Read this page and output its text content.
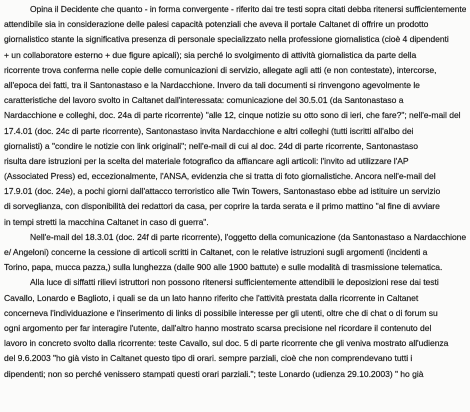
Opina il Decidente che quanto - in forma convergente - riferito dai tre testi sopra citati debba ritenersi sufficientemente
attendibile sia in considerazione delle palesi capacità potenziali che aveva il portale Caltanet di offrire un prodotto
giornalistico stante la significativa presenza di personale specializzato nella professione giornalistica (cioè 4 dipendenti
+ un collaboratore esterno + due figure apicali); sia perché lo svolgimento di attività giornalistica da parte della
ricorrente trova conferma nelle copie delle comunicazioni di servizio, allegate agli atti (e non contestate), intercorse,
all'epoca dei fatti, tra il Santonastaso e la Nardacchione. Invero da tali documenti si rinvengono agevolmente le
caratteristiche del lavoro svolto in Caltanet dall'interessata: comunicazione del 30.5.01 (da Santonastaso a
Nardacchione e colleghi, doc. 24a di parte ricorrente) "alle 12, cinque notizie su otto sono di ieri, che fare?"; nell'e-mail del
17.4.01 (doc. 24c di parte ricorrente), Santonastaso invita Nardacchione e altri colleghi (tutti iscritti all'albo dei
giornalisti) a "condire le notizie con link originali"; nell'e-mail di cui al doc. 24d di parte ricorrente, Santonastaso
risulta dare istruzioni per la scelta del materiale fotografico da affiancare agli articoli: l'invito ad utilizzare l'AP
(Associated Press) ed, eccezionalmente, l'ANSA, evidenzia che si tratta di foto giornalistiche. Ancora nell'e-mail del
17.9.01 (doc. 24e), a pochi giorni dall'attacco terroristico alle Twin Towers, Santonastaso ebbe ad istituire un servizio
di sorveglianza, con disponibilità dei redattori da casa, per coprire la tarda serata e il primo mattino "al fine di avviare
in tempi stretti la macchina Caltanet in caso di guerra".
Nell'e-mail del 18.3.01 (doc. 24f di parte ricorrente), l'oggetto della comunicazione (da Santonastaso a Nardacchione
e/ Angeloni) concerne la cessione di articoli scritti in Caltanet, con le relative istruzioni sugli argomenti (incidenti a
Torino, papa, mucca pazza,) sulla lunghezza (dalle 900 alle 1900 battute) e sulle modalità di trasmissione telematica.
Alla luce di siffatti rilievi istruttori non possono ritenersi sufficientemente attendibili le deposizioni rese dai testi
Cavallo, Lonardo e Baglioto, i quali se da un lato hanno riferito che l'attività prestata dalla ricorrente in Caltanet
concerneva l'individuazione e l'inserimento di links di possibile interesse per gli utenti, oltre che di chat o di forum su
ogni argomento per far interagire l'utente, dall'altro hanno mostrato scarsa precisione nel ricordare il contenuto del
lavoro in concreto svolto dalla ricorrente: teste Cavallo, sul doc. 5 di parte ricorrente che gli veniva mostrato all'udienza
del 9.6.2003 "ho già visto in Caltanet questo tipo di orari. sempre parziali, cioè che non comprendevano tutti i
dipendenti; non so perché venissero stampati questi orari parziali."; teste Lonardo (udienza 29.10.2003) " ho già
